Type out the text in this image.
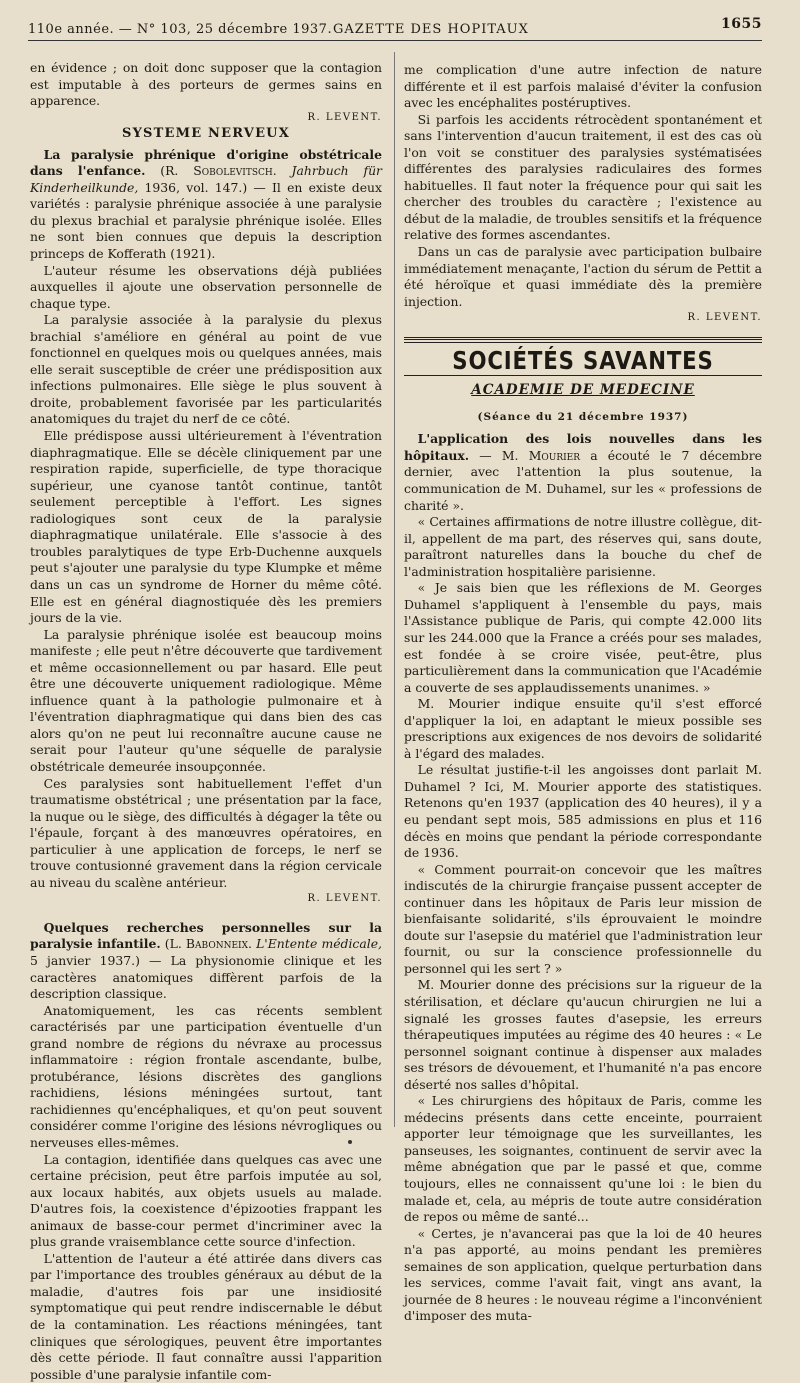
110e année. — N° 103, 25 décembre 1937. GAZETTE DES HOPITAUX	1655

en évidence ; on doit donc supposer que la contagion est imputable à des porteurs de germes sains en apparence.

R. LEVENT.

SYSTEME NERVEUX

La paralysie phrénique d'origine obstétricale dans l'enfance. (R. Sobolevitsch. Jahrbuch für Kinderheilkunde, 1936, vol. 147.) — Il en existe deux variétés : paralysie phrénique associée à une paralysie du plexus brachial et paralysie phrénique isolée. Elles ne sont bien connues que depuis la description princeps de Kofferath (1921).

L'auteur résume les observations déjà publiées auxquelles il ajoute une observation personnelle de chaque type.

La paralysie associée à la paralysie du plexus brachial s'améliore en général au point de vue fonctionnel en quelques mois ou quelques années, mais elle serait susceptible de créer une prédisposition aux infections pulmonaires. Elle siège le plus souvent à droite, probablement favorisée par les particularités anatomiques du trajet du nerf de ce côté.

Elle prédispose aussi ultérieurement à l'éventration diaphragmatique. Elle se décèle cliniquement par une respiration rapide, superficielle, de type thoracique supérieur, une cyanose tantôt continue, tantôt seulement perceptible à l'effort. Les signes radiologiques sont ceux de la paralysie diaphragmatique unilatérale. Elle s'associe à des troubles paralytiques de type Erb-Duchenne auxquels peut s'ajouter une paralysie du type Klumpke et même dans un cas un syndrome de Horner du même côté. Elle est en général diagnostiquée dès les premiers jours de la vie.

La paralysie phrénique isolée est beaucoup moins manifeste ; elle peut n'être découverte que tardivement et même occasionnellement ou par hasard. Elle peut être une découverte uniquement radiologique. Même influence quant à la pathologie pulmonaire et à l'éventration diaphragmatique qui dans bien des cas alors qu'on ne peut lui reconnaître aucune cause ne serait pour l'auteur qu'une séquelle de paralysie obstétricale demeurée insoupçonnée.

Ces paralysies sont habituellement l'effet d'un traumatisme obstétrical ; une présentation par la face, la nuque ou le siège, des difficultés à dégager la tête ou l'épaule, forçant à des manœuvres opératoires, en particulier à une application de forceps, le nerf se trouve contusionné gravement dans la région cervicale au niveau du scalène antérieur.

R. LEVENT.

Quelques recherches personnelles sur la paralysie infantile. (L. Babonneix. L'Entente médicale, 5 janvier 1937.) — La physionomie clinique et les caractères anatomiques diffèrent parfois de la description classique.

Anatomiquement, les cas récents semblent caractérisés par une participation éventuelle d'un grand nombre de régions du névraxe au processus inflammatoire : région frontale ascendante, bulbe, protubérance, lésions discrètes des ganglions rachidiens, lésions méningées surtout, tant rachidiennes qu'encéphaliques, et qu'on peut souvent considérer comme l'origine des lésions névrogliques ou nerveuses elles-mêmes.

La contagion, identifiée dans quelques cas avec une certaine précision, peut être parfois imputée au sol, aux locaux habités, aux objets usuels au malade. D'autres fois, la coexistence d'épizooties frappant les animaux de basse-cour permet d'incriminer avec la plus grande vraisemblance cette source d'infection.

L'attention de l'auteur a été attirée dans divers cas par l'importance des troubles généraux au début de la maladie, d'autres fois par une insidiosité symptomatique qui peut rendre indiscernable le début de la contamination. Les réactions méningées, tant cliniques que sérologiques, peuvent être importantes dès cette période. Il faut connaître aussi l'apparition possible d'une paralysie infantile com-

me complication d'une autre infection de nature différente et il est parfois malaisé d'éviter la confusion avec les encéphalites postéruptives.

Si parfois les accidents rétrocèdent spontanément et sans l'intervention d'aucun traitement, il est des cas où l'on voit se constituer des paralysies systématisées différentes des paralysies radiculaires des formes habituelles. Il faut noter la fréquence pour qui sait les chercher des troubles du caractère ; l'existence au début de la maladie, de troubles sensitifs et la fréquence relative des formes ascendantes.

Dans un cas de paralysie avec participation bulbaire immédiatement menaçante, l'action du sérum de Pettit a été héroïque et quasi immédiate dès la première injection.

R. LEVENT.

SOCIÉTÉS SAVANTES
ACADEMIE DE MEDECINE
(Séance du 21 décembre 1937)

L'application des lois nouvelles dans les hôpitaux. — M. Mourier a écouté le 7 décembre dernier, avec l'attention la plus soutenue, la communication de M. Duhamel, sur les « professions de charité ».

« Certaines affirmations de notre illustre collègue, dit-il, appellent de ma part, des réserves qui, sans doute, paraîtront naturelles dans la bouche du chef de l'administration hospitalière parisienne.

« Je sais bien que les réflexions de M. Georges Duhamel s'appliquent à l'ensemble du pays, mais l'Assistance publique de Paris, qui compte 42.000 lits sur les 244.000 que la France a créés pour ses malades, est fondée à se croire visée, peut-être, plus particulièrement dans la communication que l'Académie a couverte de ses applaudissements unanimes. »

M. Mourier indique ensuite qu'il s'est efforcé d'appliquer la loi, en adaptant le mieux possible ses prescriptions aux exigences de nos devoirs de solidarité à l'égard des malades.

Le résultat justifie-t-il les angoisses dont parlait M. Duhamel ? Ici, M. Mourier apporte des statistiques. Retenons qu'en 1937 (application des 40 heures), il y a eu pendant sept mois, 585 admissions en plus et 116 décès en moins que pendant la période correspondante de 1936.

« Comment pourrait-on concevoir que les maîtres indiscutés de la chirurgie française pussent accepter de continuer dans les hôpitaux de Paris leur mission de bienfaisante solidarité, s'ils éprouvaient le moindre doute sur l'asepsie du matériel que l'administration leur fournit, ou sur la conscience professionnelle du personnel qui les sert ? »

M. Mourier donne des précisions sur la rigueur de la stérilisation, et déclare qu'aucun chirurgien ne lui a signalé les grosses fautes d'asepsie, les erreurs thérapeutiques imputées au régime des 40 heures : « Le personnel soignant continue à dispenser aux malades ses trésors de dévouement, et l'humanité n'a pas encore déserté nos salles d'hôpital.

« Les chirurgiens des hôpitaux de Paris, comme les médecins présents dans cette enceinte, pourraient apporter leur témoignage que les surveillantes, les panseuses, les soignantes, continuent de servir avec la même abnégation que par le passé et que, comme toujours, elles ne connaissent qu'une loi : le bien du malade et, cela, au mépris de toute autre considération de repos ou même de santé...

« Certes, je n'avancerai pas que la loi de 40 heures n'a pas apporté, au moins pendant les premières semaines de son application, quelque perturbation dans les services, comme l'avait fait, vingt ans avant, la journée de 8 heures : le nouveau régime a l'inconvénient d'imposer des muta-
